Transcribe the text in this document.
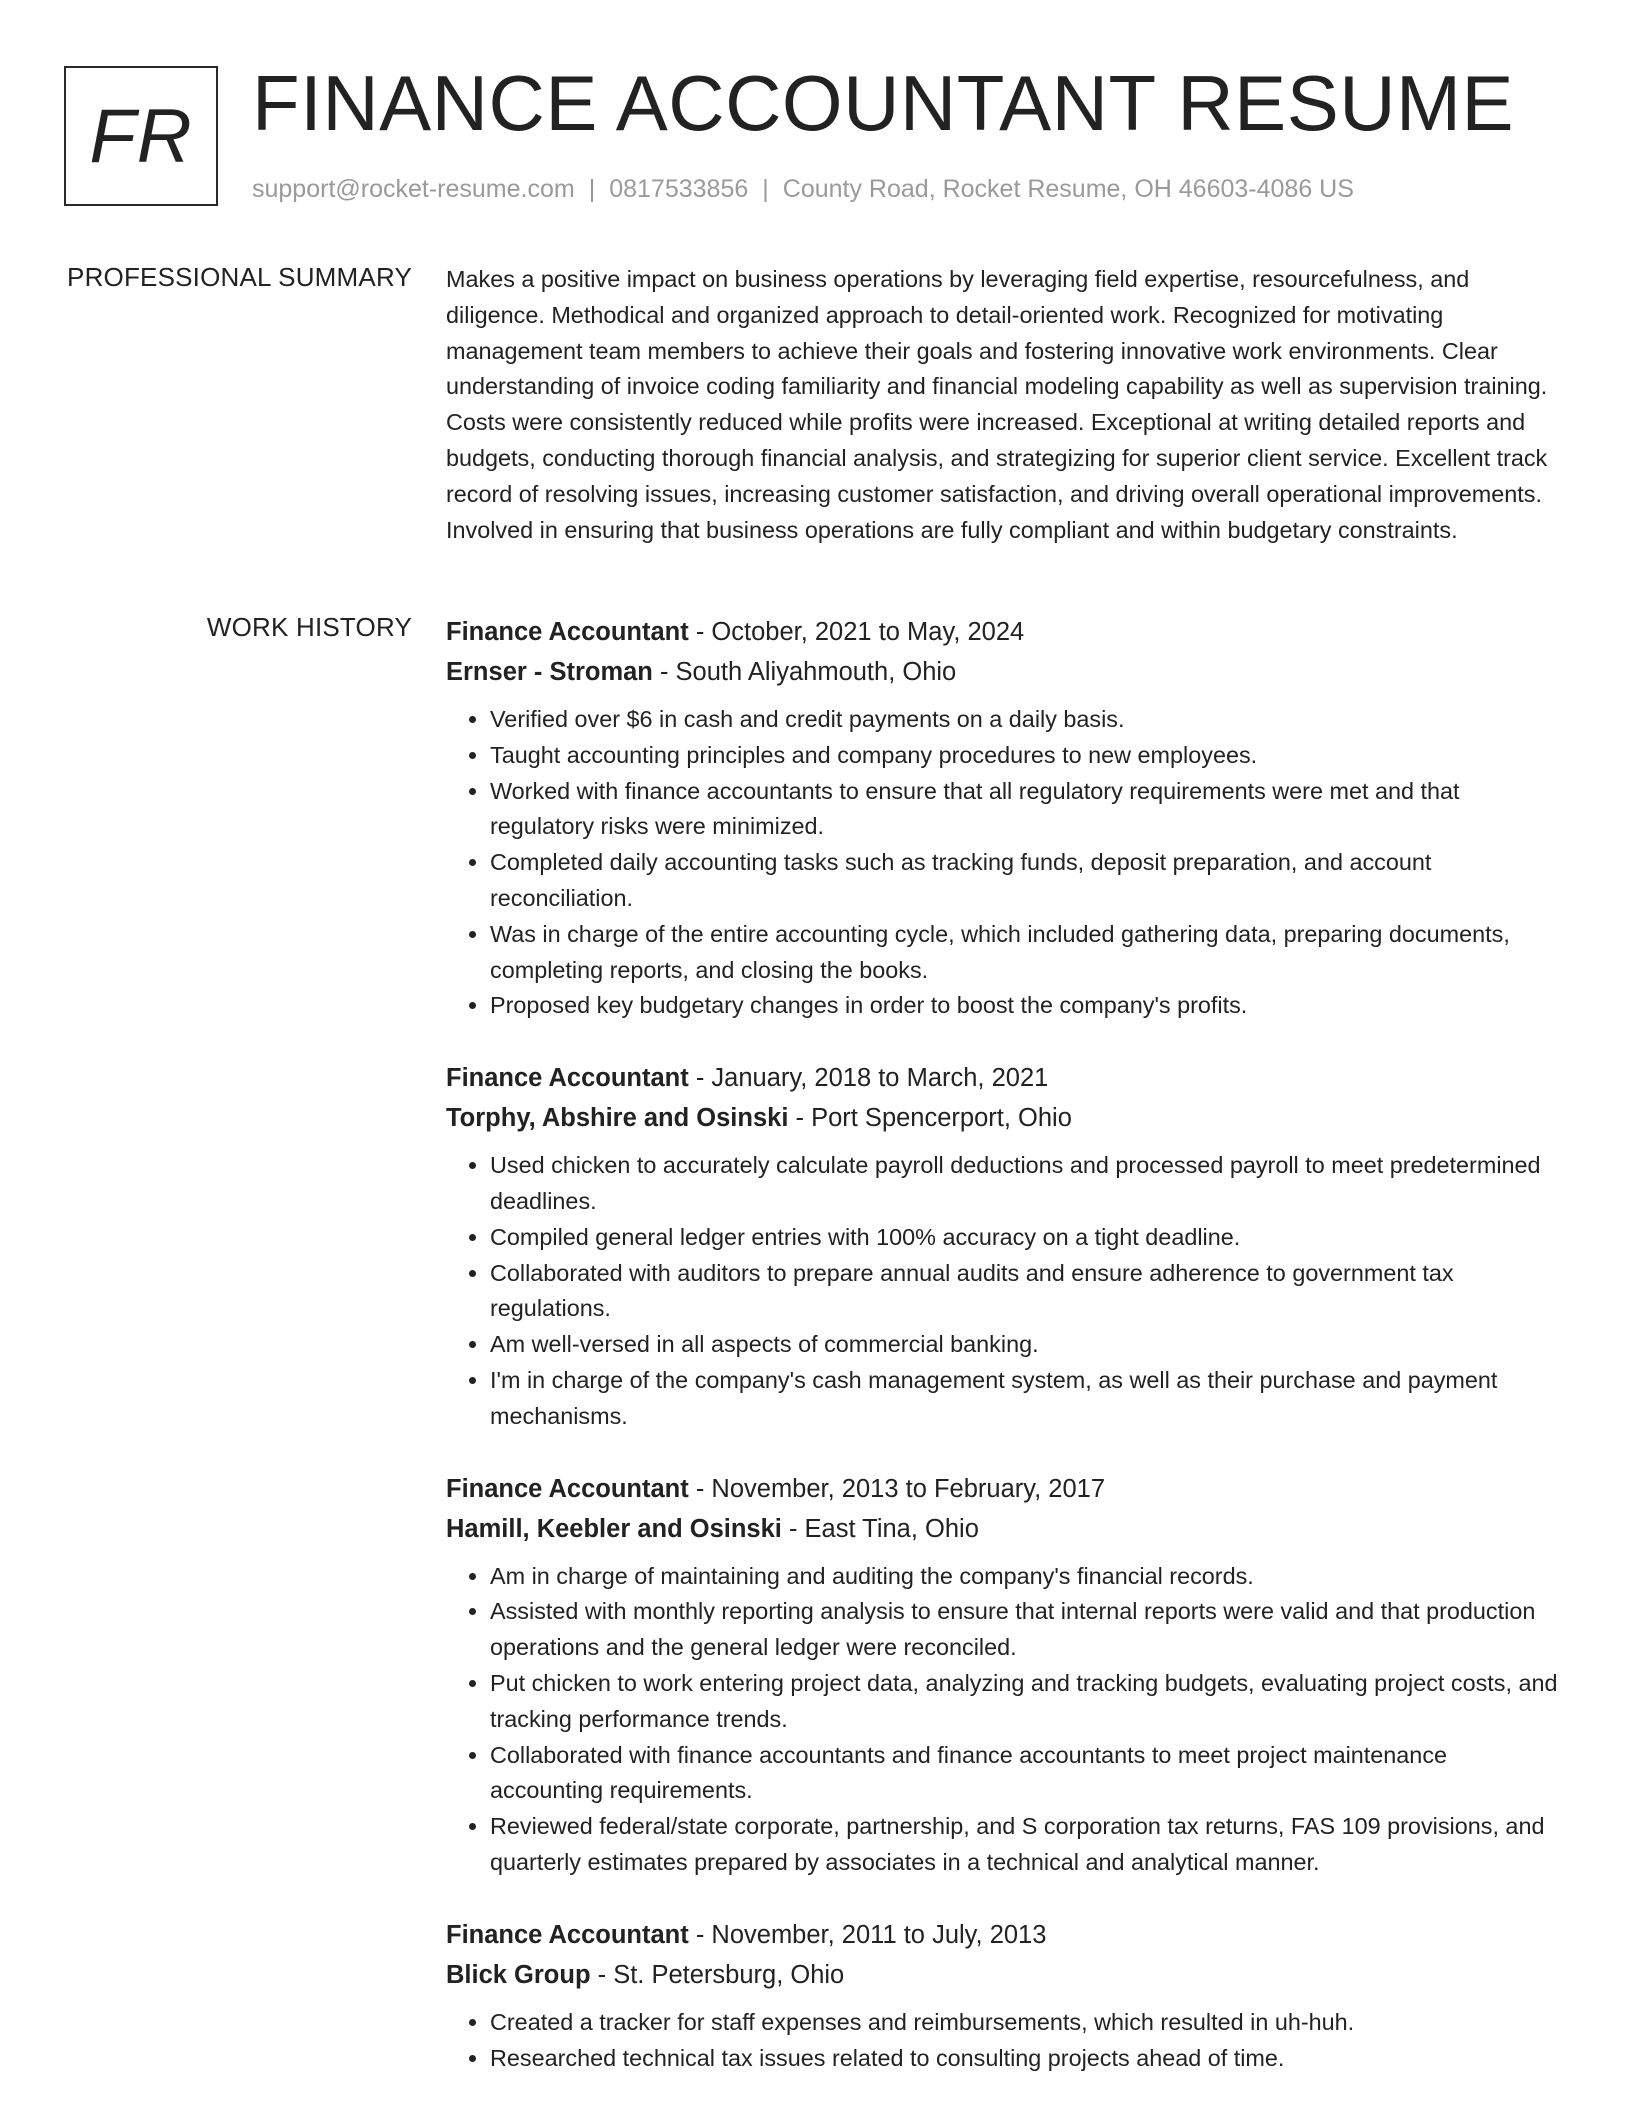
FR FINANCE ACCOUNTANT RESUME
support@rocket-resume.com | 0817533856 | County Road, Rocket Resume, OH 46603-4086 US
PROFESSIONAL SUMMARY Makes a positive impact on business operations by leveraging field expertise, resourcefulness, and diligence. Methodical and organized approach to detail-oriented work. Recognized for motivating management team members to achieve their goals and fostering innovative work environments. Clear understanding of invoice coding familiarity and financial modeling capability as well as supervision training. Costs were consistently reduced while profits were increased. Exceptional at writing detailed reports and budgets, conducting thorough financial analysis, and strategizing for superior client service. Excellent track record of resolving issues, increasing customer satisfaction, and driving overall operational improvements. Involved in ensuring that business operations are fully compliant and within budgetary constraints.

WORK HISTORY Finance Accountant - October, 2021 to May, 2024
Ernser - Stroman - South Aliyahmouth, Ohio
• Verified over $6 in cash and credit payments on a daily basis.
• Taught accounting principles and company procedures to new employees.
• Worked with finance accountants to ensure that all regulatory requirements were met and that regulatory risks were minimized.
• Completed daily accounting tasks such as tracking funds, deposit preparation, and account reconciliation.
• Was in charge of the entire accounting cycle, which included gathering data, preparing documents, completing reports, and closing the books.
• Proposed key budgetary changes in order to boost the company's profits.
Finance Accountant - January, 2018 to March, 2021
Torphy, Abshire and Osinski - Port Spencerport, Ohio
• Used chicken to accurately calculate payroll deductions and processed payroll to meet predetermined deadlines.
• Compiled general ledger entries with 100% accuracy on a tight deadline.
• Collaborated with auditors to prepare annual audits and ensure adherence to government tax regulations.
• Am well-versed in all aspects of commercial banking.
• I'm in charge of the company's cash management system, as well as their purchase and payment mechanisms.
Finance Accountant - November, 2013 to February, 2017
Hamill, Keebler and Osinski - East Tina, Ohio
• Am in charge of maintaining and auditing the company's financial records.
• Assisted with monthly reporting analysis to ensure that internal reports were valid and that production operations and the general ledger were reconciled.
• Put chicken to work entering project data, analyzing and tracking budgets, evaluating project costs, and tracking performance trends.
• Collaborated with finance accountants and finance accountants to meet project maintenance accounting requirements.
• Reviewed federal/state corporate, partnership, and S corporation tax returns, FAS 109 provisions, and quarterly estimates prepared by associates in a technical and analytical manner.
Finance Accountant - November, 2011 to July, 2013
Blick Group - St. Petersburg, Ohio
• Created a tracker for staff expenses and reimbursements, which resulted in uh-huh.
• Researched technical tax issues related to consulting projects ahead of time.
